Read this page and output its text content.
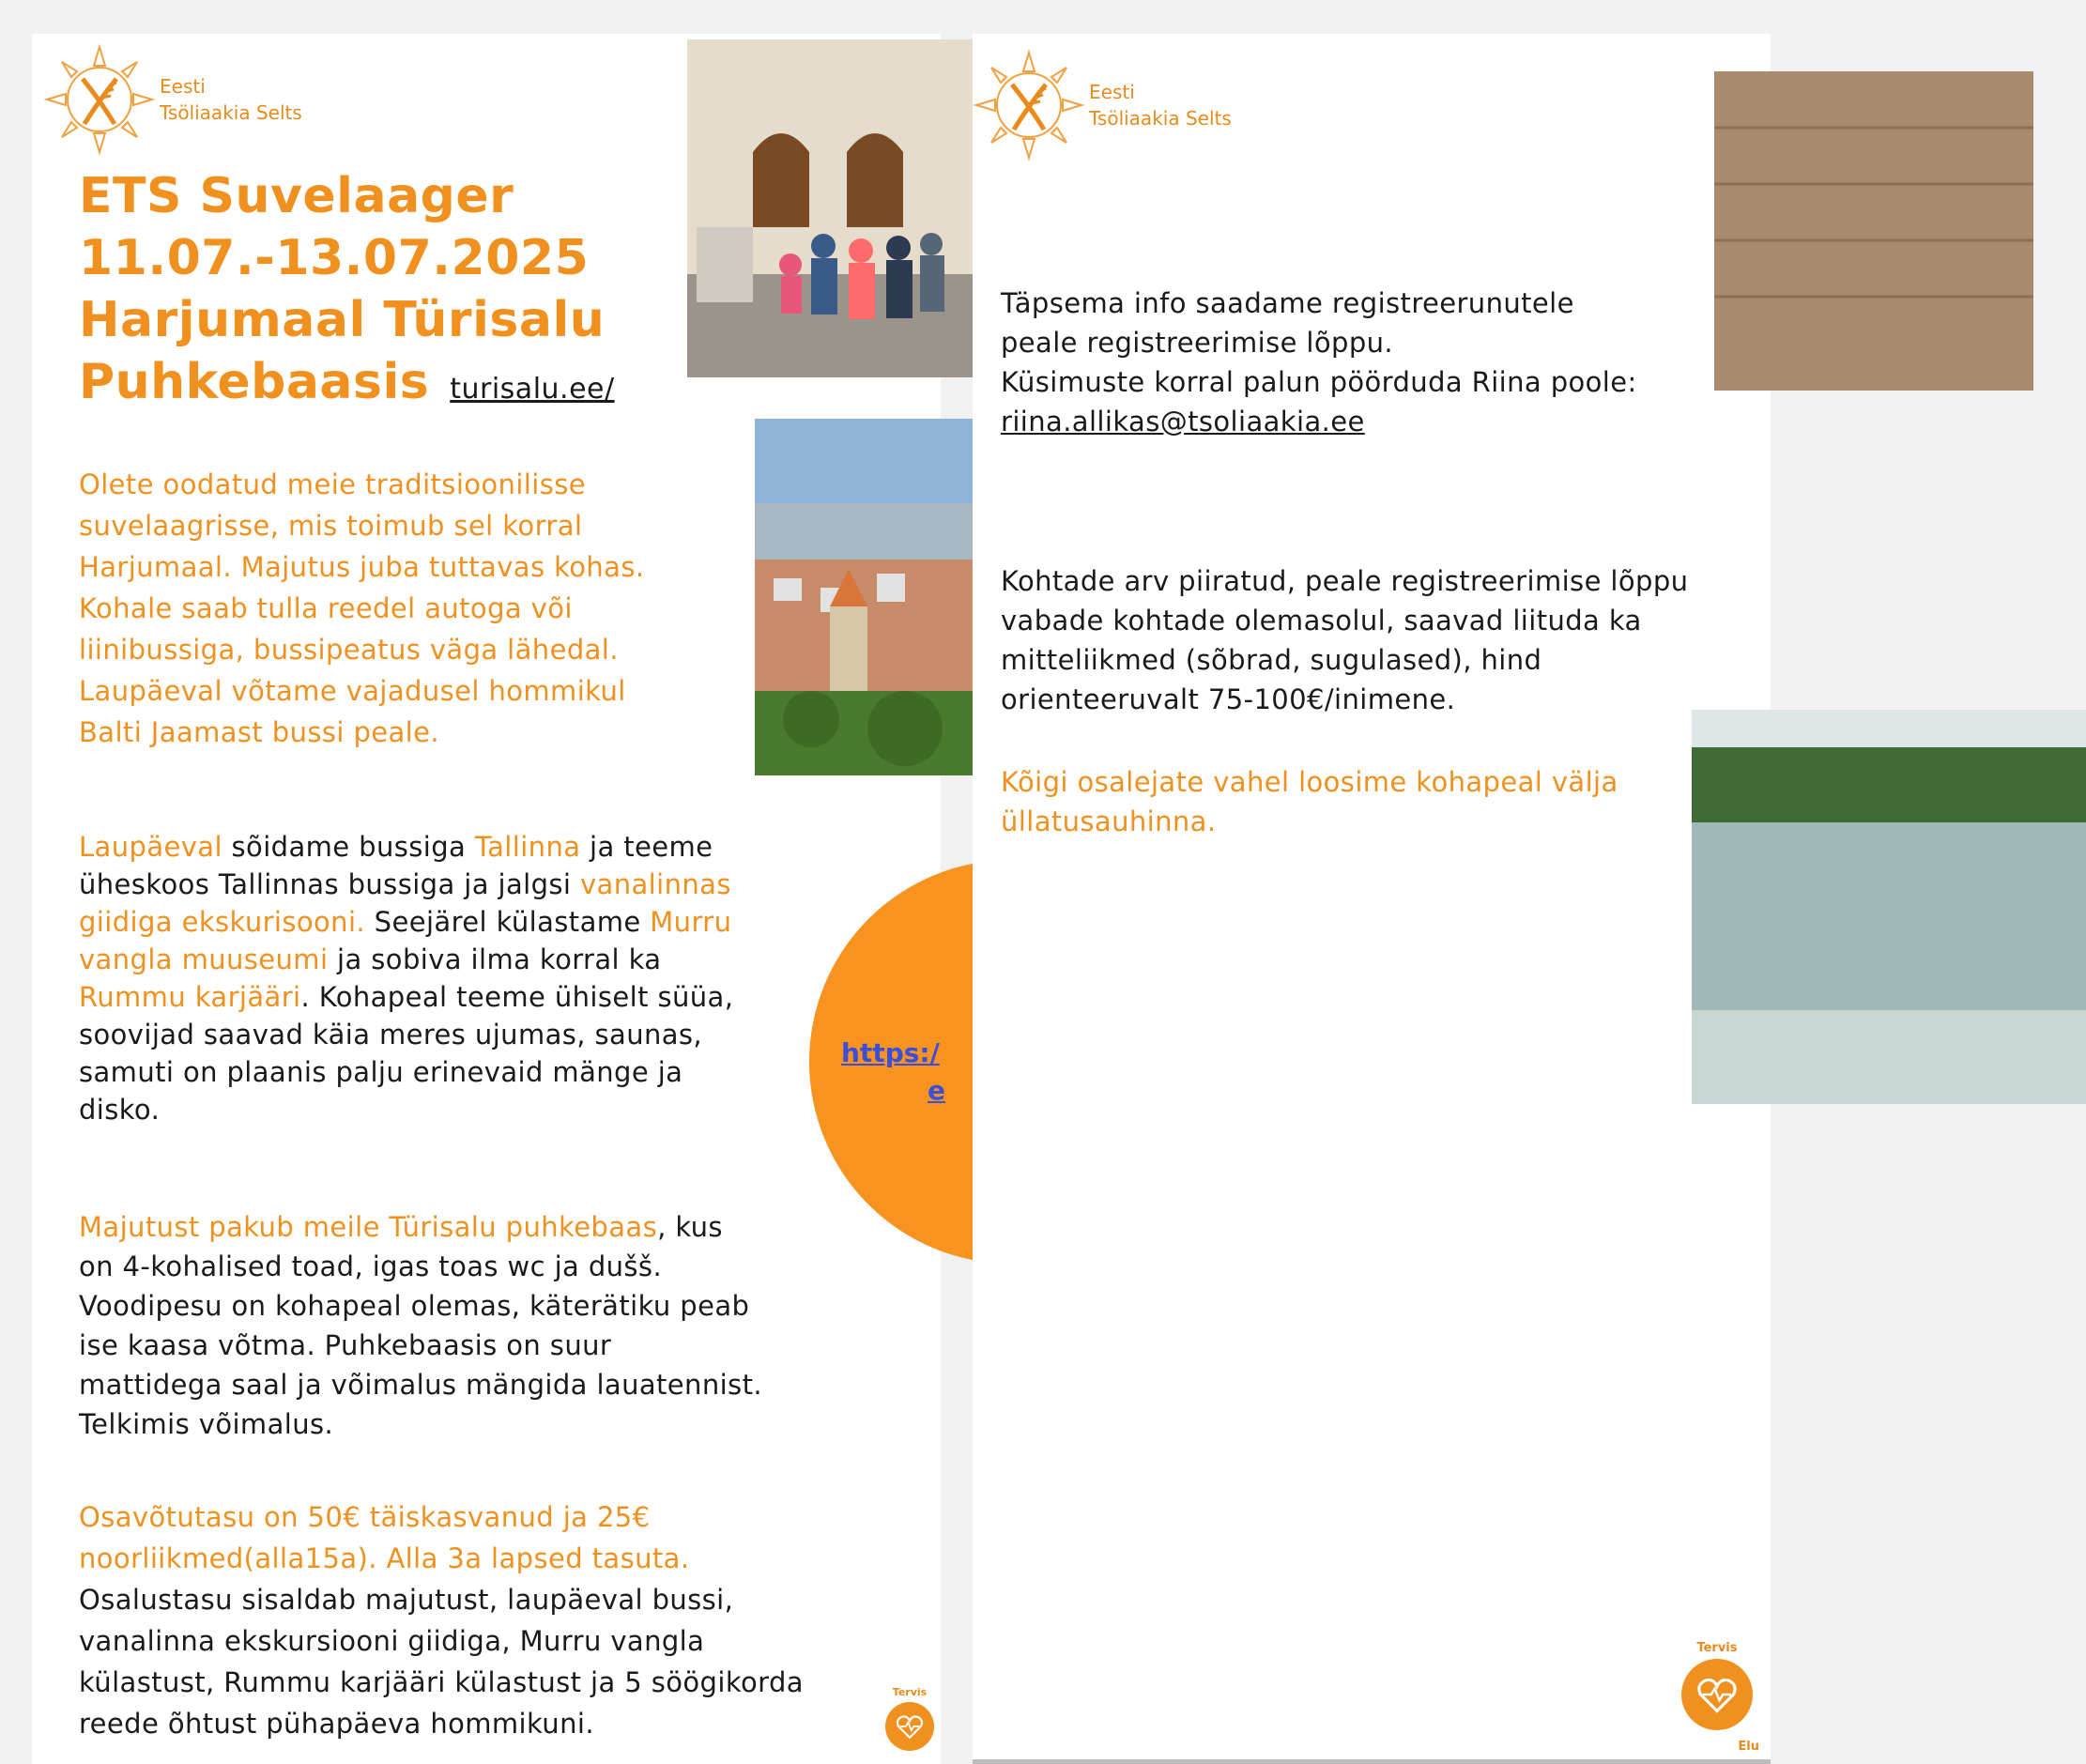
Eesti
Tsöliaakia Selts
ETS Suvelaager
11.07.-13.07.2025
Harjumaal Türisalu
Puhkebaasis turisalu.ee/
https:/
e

Olete oodatud meie traditsioonilisse
suvelaagrisse, mis toimub sel korral
Harjumaal. Majutus juba tuttavas kohas.
Kohale saab tulla reedel autoga või
liinibussiga, bussipeatus väga lähedal.
Laupäeval võtame vajadusel hommikul
Balti Jaamast bussi peale.

Laupäeval sõidame bussiga Tallinna ja teeme
üheskoos Tallinnas bussiga ja jalgsi vanalinnas
giidiga ekskurisooni. Seejärel külastame Murru
vangla muuseumi ja sobiva ilma korral ka
Rummu karjääri. Kohapeal teeme ühiselt süüa,
soovijad saavad käia meres ujumas, saunas,
samuti on plaanis palju erinevaid mänge ja
disko.

Majutust pakub meile Türisalu puhkebaas, kus
on 4-kohalised toad, igas toas wc ja dušš.
Voodipesu on kohapeal olemas, käterätiku peab
ise kaasa võtma. Puhkebaasis on suur
mattidega saal ja võimalus mängida lauatennist.
Telkimis võimalus.

Osavõtutasu on 50€ täiskasvanud ja 25€
noorliikmed(alla15a). Alla 3a lapsed tasuta.
Osalustasu sisaldab majutust, laupäeval bussi,
vanalinna ekskursiooni giidiga, Murru vangla
külastust, Rummu karjääri külastust ja 5 söögikorda
reede õhtust pühapäeva hommikuni.

Tervis
Eesti
Tsöliaakia Selts

Täpsema info saadame registreerunutele
peale registreerimise lõppu.
Küsimuste korral palun pöörduda Riina poole:
riina.allikas@tsoliaakia.ee

Kohtade arv piiratud, peale registreerimise lõppu
vabade kohtade olemasolul, saavad liituda ka
mitteliikmed (sõbrad, sugulased), hind
orienteeruvalt 75-100€/inimene.

Kõigi osalejate vahel loosime kohapeal välja
üllatusauhinna.

Tervis
Elu
